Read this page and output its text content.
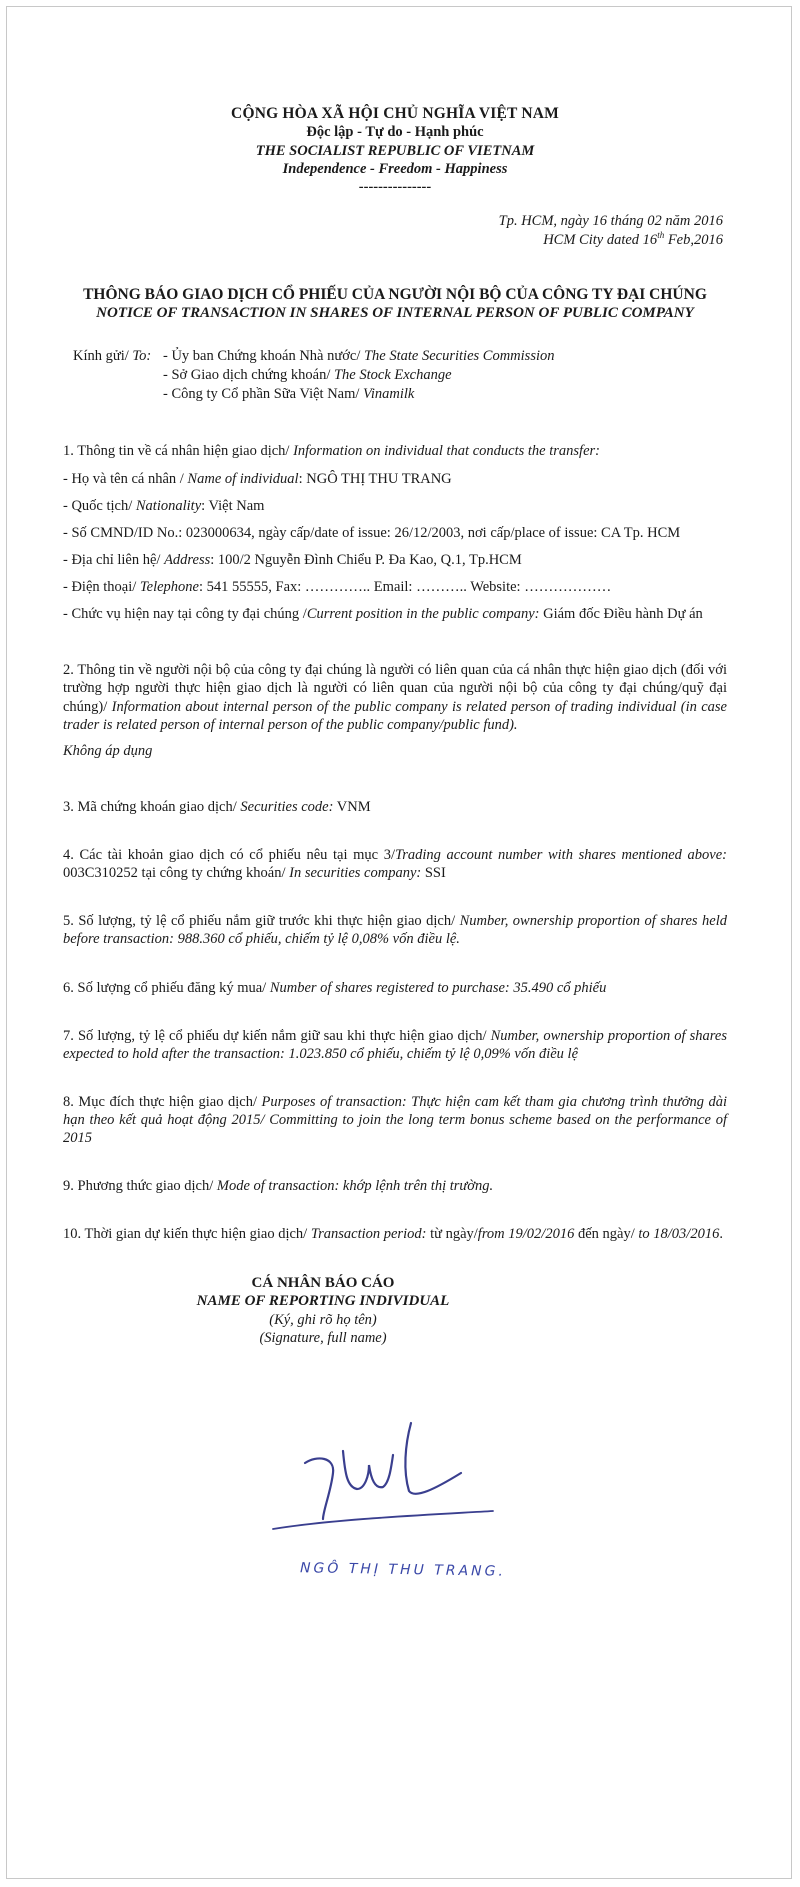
CỘNG HÒA XÃ HỘI CHỦ NGHĨA VIỆT NAM
Độc lập - Tự do - Hạnh phúc
THE SOCIALIST REPUBLIC OF VIETNAM
Independence - Freedom - Happiness
---------------
Tp. HCM, ngày 16 tháng 02 năm 2016
HCM City dated 16th Feb,2016
THÔNG BÁO GIAO DỊCH CỔ PHIẾU CỦA NGƯỜI NỘI BỘ CỦA CÔNG TY ĐẠI CHÚNG
NOTICE OF TRANSACTION IN SHARES OF INTERNAL PERSON OF PUBLIC COMPANY
Kính gửi/ To: - Ủy ban Chứng khoán Nhà nước/ The State Securities Commission
- Sở Giao dịch chứng khoán/ The Stock Exchange
- Công ty Cổ phần Sữa Việt Nam/ Vinamilk

1. Thông tin về cá nhân hiện giao dịch/ Information on individual that conducts the transfer:

- Họ và tên cá nhân / Name of individual: NGÔ THỊ THU TRANG

- Quốc tịch/ Nationality: Việt Nam

- Số CMND/ID No.: 023000634, ngày cấp/date of issue: 26/12/2003, nơi cấp/place of issue: CA Tp. HCM

- Địa chỉ liên hệ/ Address: 100/2 Nguyễn Đình Chiểu P. Đa Kao, Q.1, Tp.HCM

- Điện thoại/ Telephone: 541 55555, Fax: ………….. Email: ……….. Website: ………………

- Chức vụ hiện nay tại công ty đại chúng /Current position in the public company: Giám đốc Điều hành Dự án

2. Thông tin về người nội bộ của công ty đại chúng là người có liên quan của cá nhân thực hiện giao dịch (đối với trường hợp người thực hiện giao dịch là người có liên quan của người nội bộ của công ty đại chúng/quỹ đại chúng)/ Information about internal person of the public company is related person of trading individual (in case trader is related person of internal person of the public company/public fund).

Không áp dụng

3. Mã chứng khoán giao dịch/ Securities code: VNM

4. Các tài khoản giao dịch có cổ phiếu nêu tại mục 3/Trading account number with shares mentioned above: 003C310252 tại công ty chứng khoán/ In securities company: SSI

5. Số lượng, tỷ lệ cổ phiếu nắm giữ trước khi thực hiện giao dịch/ Number, ownership proportion of shares held before transaction: 988.360 cổ phiếu, chiếm tỷ lệ 0,08% vốn điều lệ.

6. Số lượng cổ phiếu đăng ký mua/ Number of shares registered to purchase: 35.490 cổ phiếu

7. Số lượng, tỷ lệ cổ phiếu dự kiến nắm giữ sau khi thực hiện giao dịch/ Number, ownership proportion of shares expected to hold after the transaction: 1.023.850 cổ phiếu, chiếm tỷ lệ 0,09% vốn điều lệ

8. Mục đích thực hiện giao dịch/ Purposes of transaction: Thực hiện cam kết tham gia chương trình thưởng dài hạn theo kết quả hoạt động 2015/ Committing to join the long term bonus scheme based on the performance of 2015

9. Phương thức giao dịch/ Mode of transaction: khớp lệnh trên thị trường.

10. Thời gian dự kiến thực hiện giao dịch/ Transaction period: từ ngày/from 19/02/2016 đến ngày/ to 18/03/2016.

CÁ NHÂN BÁO CÁO
NAME OF REPORTING INDIVIDUAL
(Ký, ghi rõ họ tên)
(Signature, full name)
NGÔ THỊ THU TRANG.
